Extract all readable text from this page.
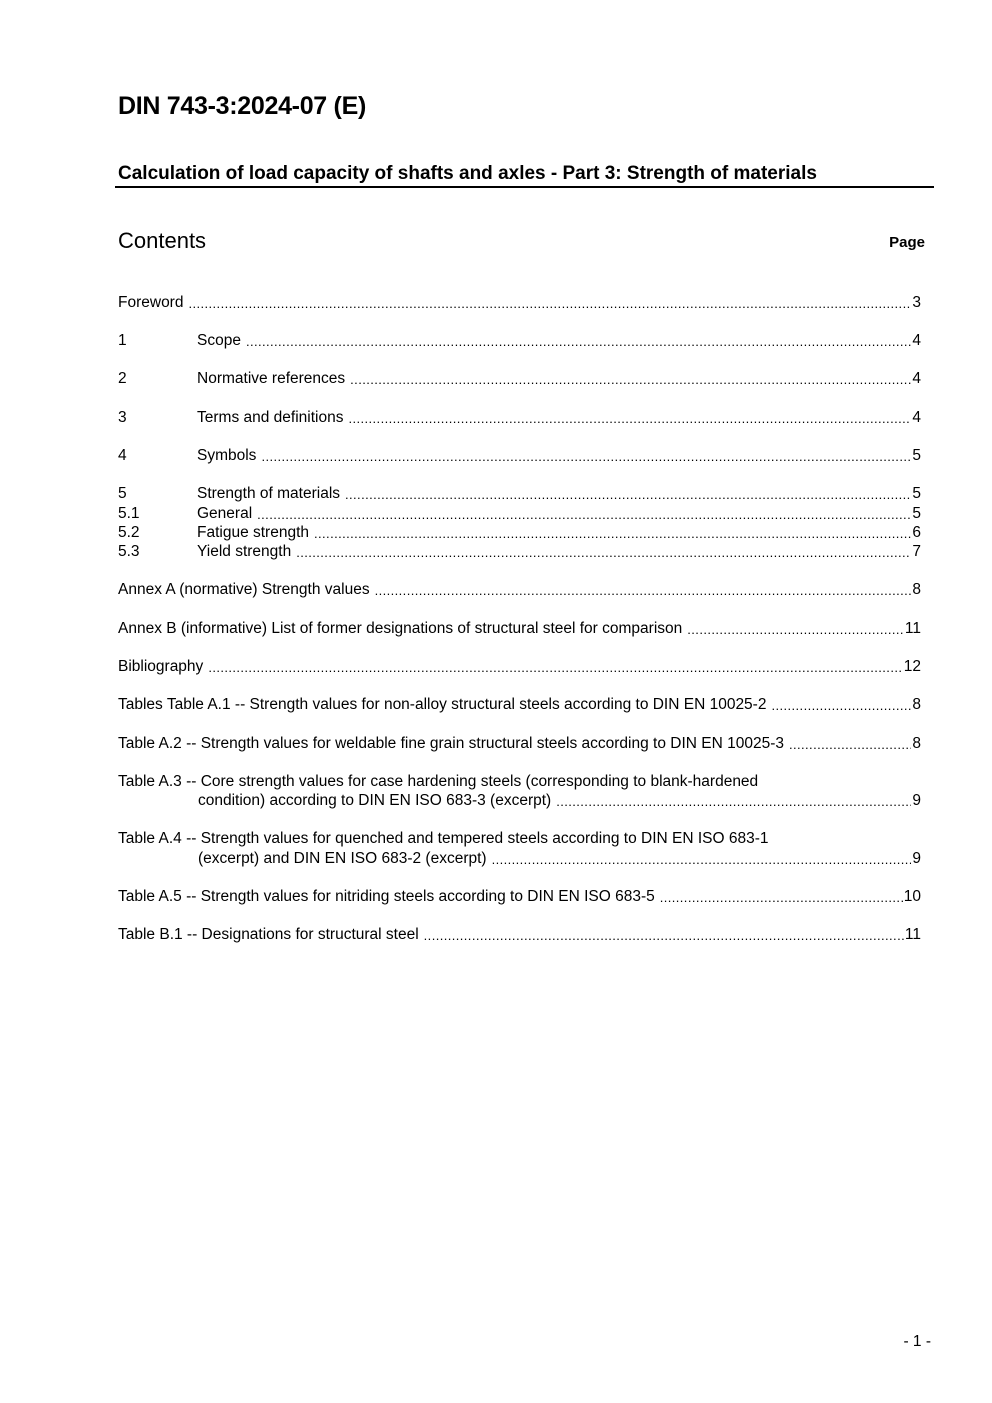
DIN 743-3:2024-07 (E)
Calculation of load capacity of shafts and axles - Part 3: Strength of materials
Contents	Page
Foreword .....	3
1	Scope .....	4
2	Normative references .....	4
3	Terms and definitions .....	4
4	Symbols .....	5
5	Strength of materials .....	5
5.1	General .....	5
5.2	Fatigue strength .....	6
5.3	Yield strength .....	7
Annex A (normative) Strength values .....	8
Annex B (informative) List of former designations of structural steel for comparison .....	11
Bibliography .....	12
Tables Table A.1 -- Strength values for non-alloy structural steels according to DIN EN 10025-2 .....	8
Table A.2 -- Strength values for weldable fine grain structural steels according to DIN EN 10025-3 .....	8
Table A.3 -- Core strength values for case hardening steels (corresponding to blank-hardened
condition) according to DIN EN ISO 683-3 (excerpt) .....	9
Table A.4 -- Strength values for quenched and tempered steels according to DIN EN ISO 683-1
(excerpt) and DIN EN ISO 683-2 (excerpt) .....	9
Table A.5 -- Strength values for nitriding steels according to DIN EN ISO 683-5 .....	10
Table B.1 -- Designations for structural steel .....	11
- 1 -
